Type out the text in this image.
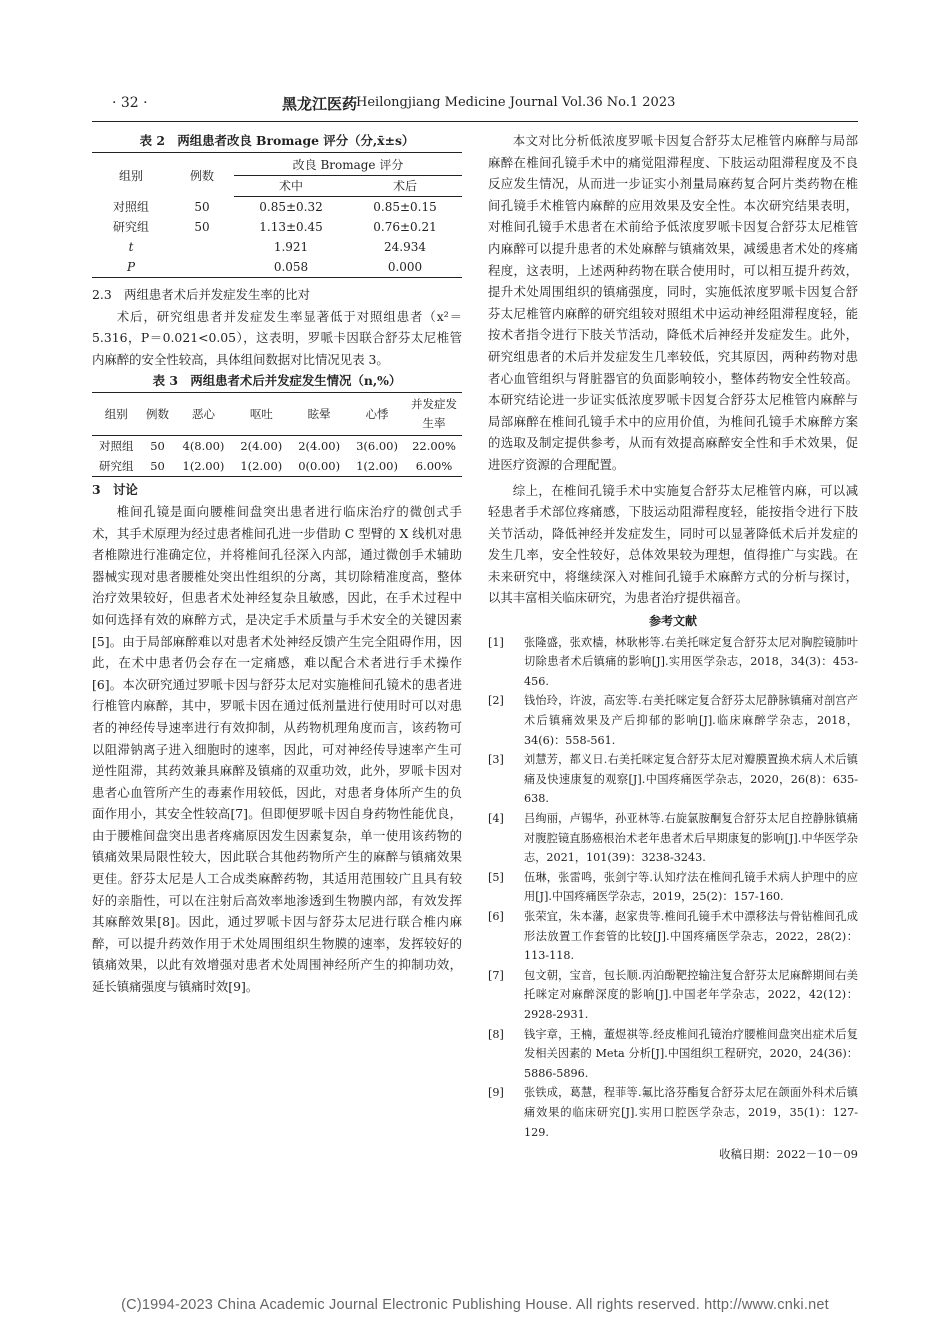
· 32 ·	黑龙江医药
Heilongjiang Medicine Journal Vol.36 No.1 2023
表 2　两组患者改良 Bromage 评分（分,x̄±s）
组别	例数	改良 Bromage 评分	
		术中	术后
对照组	50	0.85±0.32	0.85±0.15
研究组	50	1.13±0.45	0.76±0.21
t		1.921	24.934
P		0.058	0.000

2.3　两组患者术后并发症发生率的比对

术后，研究组患者并发症发生率显著低于对照组患者（x²＝5.316，P＝0.021<0.05），这表明，罗哌卡因联合舒芬太尼椎管内麻醉的安全性较高，具体组间数据对比情况见表 3。

表 3　两组患者术后并发症发生情况（n,%）
组别	例数	恶心	呕吐	眩晕	心悸	并发症发生率
对照组	50	4(8.00)	2(4.00)	2(4.00)	3(6.00)	22.00%
研究组	50	1(2.00)	1(2.00)	0(0.00)	1(2.00)	6.00%

3　讨论

椎间孔镜是面向腰椎间盘突出患者进行临床治疗的微创式手术，其手术原理为经过患者椎间孔进一步借助 C 型臂的 X 线机对患者椎隙进行准确定位，并将椎间孔径深入内部，通过微创手术辅助器械实现对患者腰椎处突出性组织的分离，其切除精准度高，整体治疗效果较好，但患者术处神经复杂且敏感，因此，在手术过程中如何选择有效的麻醉方式，是决定手术质量与手术安全的关键因素[5]。由于局部麻醉难以对患者术处神经反馈产生完全阻碍作用，因此，在术中患者仍会存在一定痛感，难以配合术者进行手术操作[6]。本次研究通过罗哌卡因与舒芬太尼对实施椎间孔镜术的患者进行椎管内麻醉，其中，罗哌卡因在通过低剂量进行使用时可以对患者的神经传导速率进行有效抑制，从药物机理角度而言，该药物可以阻滞钠离子进入细胞时的速率，因此，可对神经传导速率产生可逆性阻滞，其药效兼具麻醉及镇痛的双重功效，此外，罗哌卡因对患者心血管所产生的毒素作用较低，因此，对患者身体所产生的负面作用小，其安全性较高[7]。但即便罗哌卡因自身药物性能优良，由于腰椎间盘突出患者疼痛原因发生因素复杂，单一使用该药物的镇痛效果局限性较大，因此联合其他药物所产生的麻醉与镇痛效果更佳。舒芬太尼是人工合成类麻醉药物，其适用范围较广且具有较好的亲脂性，可以在注射后高效率地渗透到生物膜内部，有效发挥其麻醉效果[8]。因此，通过罗哌卡因与舒芬太尼进行联合椎内麻醉，可以提升药效作用于术处周围组织生物膜的速率，发挥较好的镇痛效果，以此有效增强对患者术处周围神经所产生的抑制功效，延长镇痛强度与镇痛时效[9]。

本文对比分析低浓度罗哌卡因复合舒芬太尼椎管内麻醉与局部麻醉在椎间孔镜手术中的痛觉阻滞程度、下肢运动阻滞程度及不良反应发生情况，从而进一步证实小剂量局麻药复合阿片类药物在椎间孔镜手术椎管内麻醉的应用效果及安全性。本次研究结果表明，对椎间孔镜手术患者在术前给予低浓度罗哌卡因复合舒芬太尼椎管内麻醉可以提升患者的术处麻醉与镇痛效果，减缓患者术处的疼痛程度，这表明，上述两种药物在联合使用时，可以相互提升药效，提升术处周围组织的镇痛强度，同时，实施低浓度罗哌卡因复合舒芬太尼椎管内麻醉的研究组较对照组术中运动神经阻滞程度轻，能按术者指令进行下肢关节活动，降低术后神经并发症发生。此外，研究组患者的术后并发症发生几率较低，究其原因，两种药物对患者心血管组织与肾脏器官的负面影响较小，整体药物安全性较高。本研究结论进一步证实低浓度罗哌卡因复合舒芬太尼椎管内麻醉与局部麻醉在椎间孔镜手术中的应用价值，为椎间孔镜手术麻醉方案的选取及制定提供参考，从而有效提高麻醉安全性和手术效果，促进医疗资源的合理配置。

综上，在椎间孔镜手术中实施复合舒芬太尼椎管内麻，可以减轻患者手术部位疼痛感，下肢运动阻滞程度轻，能按指令进行下肢关节活动，降低神经并发症发生，同时可以显著降低术后并发症的发生几率，安全性较好，总体效果较为理想，值得推广与实践。在未来研究中，将继续深入对椎间孔镜手术麻醉方式的分析与探讨，以其丰富相关临床研究，为患者治疗提供福音。

参考文献
[1] 张隆盛，张欢樯，林耿彬等.右美托咪定复合舒芬太尼对胸腔镜肺叶切除患者术后镇痛的影响[J].实用医学杂志，2018，34(3)：453-456.
[2] 钱怡玲，许波，高宏等.右美托咪定复合舒芬太尼静脉镇痛对剖宫产术后镇痛效果及产后抑郁的影响[J].临床麻醉学杂志，2018，34(6)：558-561.
[3] 刘慧芳，都义日.右美托咪定复合舒芬太尼对瓣膜置换术病人术后镇痛及快速康复的观察[J].中国疼痛医学杂志，2020，26(8)：635-638.
[4] 吕绚丽，卢锡华，孙亚林等.右旋氯胺酮复合舒芬太尼自控静脉镇痛对腹腔镜直肠癌根治术老年患者术后早期康复的影响[J].中华医学杂志，2021，101(39)：3238-3243.
[5] 伍琳，张雷鸣，张剑宁等.认知疗法在椎间孔镜手术病人护理中的应用[J].中国疼痛医学杂志，2019，25(2)：157-160.
[6] 张荣宜，朱本藩，赵家贵等.椎间孔镜手术中漂移法与骨钻椎间孔成形法放置工作套管的比较[J].中国疼痛医学杂志，2022，28(2)：113-118.
[7] 包文朝，宝音，包长顺.丙泊酚靶控输注复合舒芬太尼麻醉期间右美托咪定对麻醉深度的影响[J].中国老年学杂志，2022，42(12)：2928-2931.
[8] 钱宇章，王楠，董煜祺等.经皮椎间孔镜治疗腰椎间盘突出症术后复发相关因素的 Meta 分析[J].中国组织工程研究，2020，24(36)：5886-5896.
[9] 张铁成，葛慧，程菲等.氟比洛芬酯复合舒芬太尼在颌面外科术后镇痛效果的临床研究[J].实用口腔医学杂志，2019，35(1)：127-129.
收稿日期：2022－10－09
(C)1994-2023 China Academic Journal Electronic Publishing House. All rights reserved. http://www.cnki.net
